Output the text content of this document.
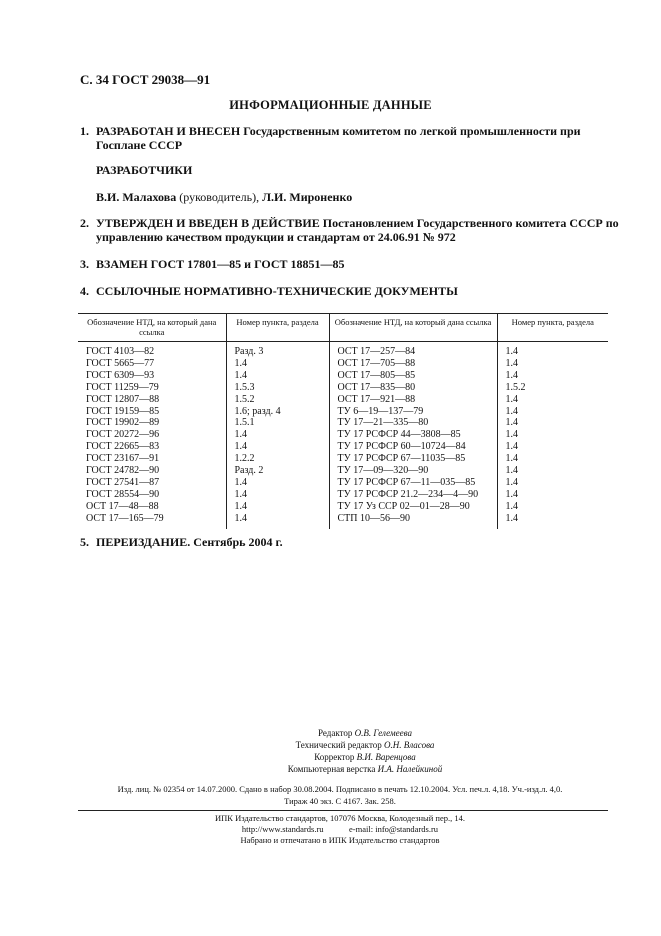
С. 34 ГОСТ 29038—91
ИНФОРМАЦИОННЫЕ ДАННЫЕ
1. РАЗРАБОТАН И ВНЕСЕН Государственным комитетом по легкой промышленности при Госплане СССР
РАЗРАБОТЧИКИ
В.И. Малахова (руководитель), Л.И. Мироненко
2. УТВЕРЖДЕН И ВВЕДЕН В ДЕЙСТВИЕ Постановлением Государственного комитета СССР по управлению качеством продукции и стандартам от 24.06.91 № 972
3. ВЗАМЕН ГОСТ 17801—85 и ГОСТ 18851—85
4. ССЫЛОЧНЫЕ НОРМАТИВНО-ТЕХНИЧЕСКИЕ ДОКУМЕНТЫ
Обозначение НТД, на который дана ссылка	Номер пункта, раздела	Обозначение НТД, на который дана ссылка	Номер пункта, раздела
ГОСТ 4103—82	Разд. 3	ОСТ 17—257—84	1.4
ГОСТ 5665—77	1.4	ОСТ 17—705—88	1.4
ГОСТ 6309—93	1.4	ОСТ 17—805—85	1.4
ГОСТ 11259—79	1.5.3	ОСТ 17—835—80	1.5.2
ГОСТ 12807—88	1.5.2	ОСТ 17—921—88	1.4
ГОСТ 19159—85	1.6; разд. 4	ТУ 6—19—137—79	1.4
ГОСТ 19902—89	1.5.1	ТУ 17—21—335—80	1.4
ГОСТ 20272—96	1.4	ТУ 17 РСФСР 44—3808—85	1.4
ГОСТ 22665—83	1.4	ТУ 17 РСФСР 60—10724—84	1.4
ГОСТ 23167—91	1.2.2	ТУ 17 РСФСР 67—11035—85	1.4
ГОСТ 24782—90	Разд. 2	ТУ 17—09—320—90	1.4
ГОСТ 27541—87	1.4	ТУ 17 РСФСР 67—11—035—85	1.4
ГОСТ 28554—90	1.4	ТУ 17 РСФСР 21.2—234—4—90	1.4
ОСТ 17—48—88	1.4	ТУ 17 Уз ССР 02—01—28—90	1.4
ОСТ 17—165—79	1.4	СТП 10—56—90	1.4
5. ПЕРЕИЗДАНИЕ. Сентябрь 2004 г.
Редактор О.В. Гелемеева
Технический редактор О.Н. Власова
Корректор В.И. Варенцова
Компьютерная верстка И.А. Налейкиной
Изд. лиц. № 02354 от 14.07.2000. Сдано в набор 30.08.2004. Подписано в печать 12.10.2004. Усл. печ.л. 4,18. Уч.-изд.л. 4,0.
Тираж 40 экз. С 4167. Зак. 258.
ИПК Издательство стандартов, 107076 Москва, Колодезный пер., 14.
http://www.standards.ru            e-mail: info@standards.ru
Набрано и отпечатано в ИПК Издательство стандартов
